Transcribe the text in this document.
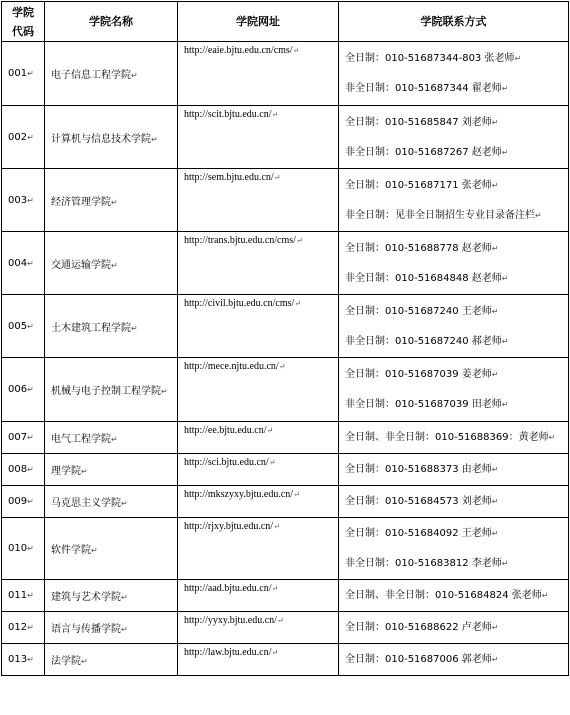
学院代码	学院名称	学院网址	学院联系方式
001↵	电子信息工程学院↵	http://eaie.bjtu.edu.cn/cms/↵	全日制：010-51687344-803 张老师↵
非全日制：010-51687344 翟老师↵

002↵	计算机与信息技术学院↵	http://scit.bjtu.edu.cn/↵	全日制：010-51685847 刘老师↵
非全日制：010-51687267 赵老师↵

003↵	经济管理学院↵	http://sem.bjtu.edu.cn/↵	全日制：010-51687171 张老师↵
非全日制：见非全日制招生专业目录备注栏↵

004↵	交通运输学院↵	http://trans.bjtu.edu.cn/cms/↵	全日制：010-51688778 赵老师↵
非全日制：010-51684848 赵老师↵

005↵	土木建筑工程学院↵	http://civil.bjtu.edu.cn/cms/↵	全日制：010-51687240 王老师↵
非全日制：010-51687240 郝老师↵

006↵	机械与电子控制工程学院↵	http://mece.njtu.edu.cn/↵	全日制：010-51687039 姜老师↵
非全日制：010-51687039 田老师↵

007↵	电气工程学院↵	http://ee.bjtu.edu.cn/↵	全日制、非全日制：010-51688369：黄老师↵

008↵	理学院↵	http://sci.bjtu.edu.cn/↵	全日制：010-51688373 由老师↵

009↵	马克思主义学院↵	http://mkszyxy.bjtu.edu.cn/↵	全日制：010-51684573 刘老师↵

010↵	软件学院↵	http://rjxy.bjtu.edu.cn/↵	全日制：010-51684092 王老师↵
非全日制：010-51683812 李老师↵

011↵	建筑与艺术学院↵	http://aad.bjtu.edu.cn/↵	全日制、非全日制：010-51684824 张老师↵

012↵	语言与传播学院↵	http://yyxy.bjtu.edu.cn/↵	全日制：010-51688622 卢老师↵

013↵	法学院↵	http://law.bjtu.edu.cn/↵	全日制：010-51687006 郭老师↵
